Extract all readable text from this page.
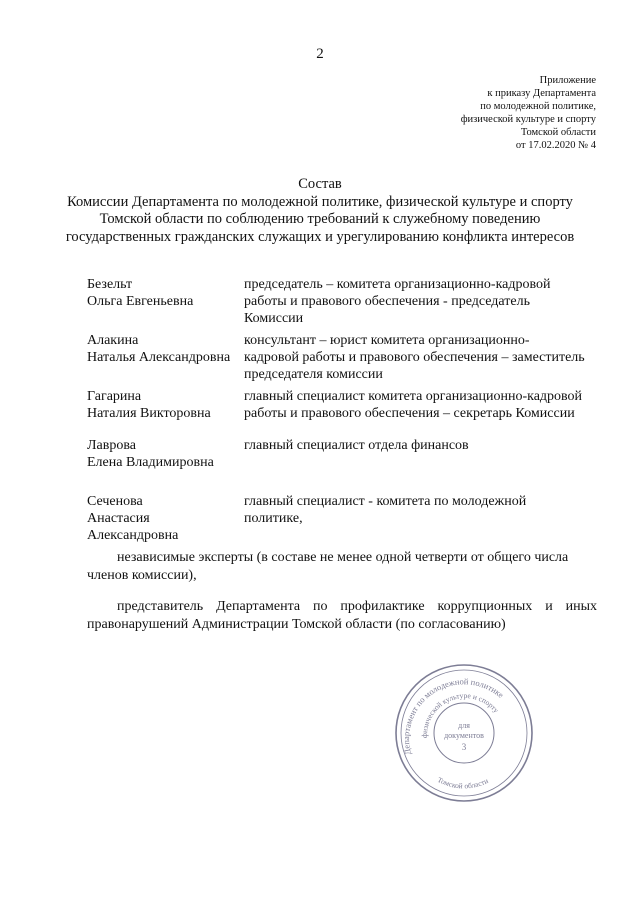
2
Приложение
к приказу Департамента
по молодежной политике,
физической культуре и спорту
Томской области
от 17.02.2020 № 4
Состав
Комиссии Департамента по молодежной политике, физической культуре и спорту
Томской области по соблюдению требований к служебному поведению
государственных гражданских служащих и урегулированию конфликта интересов
Безельт
Ольга Евгеньевна
председатель – комитета организационно-кадровой
работы и правового обеспечения - председатель
Комиссии
Алакина
Наталья Александровна
консультант – юрист комитета организационно-
кадровой работы и правового обеспечения – заместитель
председателя комиссии
Гагарина
Наталия Викторовна
главный специалист комитета организационно-кадровой
работы и правового обеспечения – секретарь Комиссии
Лаврова
Елена Владимировна
главный специалист отдела финансов
Сеченова
Анастасия
Александровна
главный специалист - комитета по молодежной
политике,
независимые эксперты (в составе не менее одной четверти от общего числа
членов комиссии),
представитель Департамента по профилактике коррупционных и иных
правонарушений Администрации Томской области (по согласованию)
Департамент по молодежной политике
физической культуре и спорту
Томской области
для
документов
3
